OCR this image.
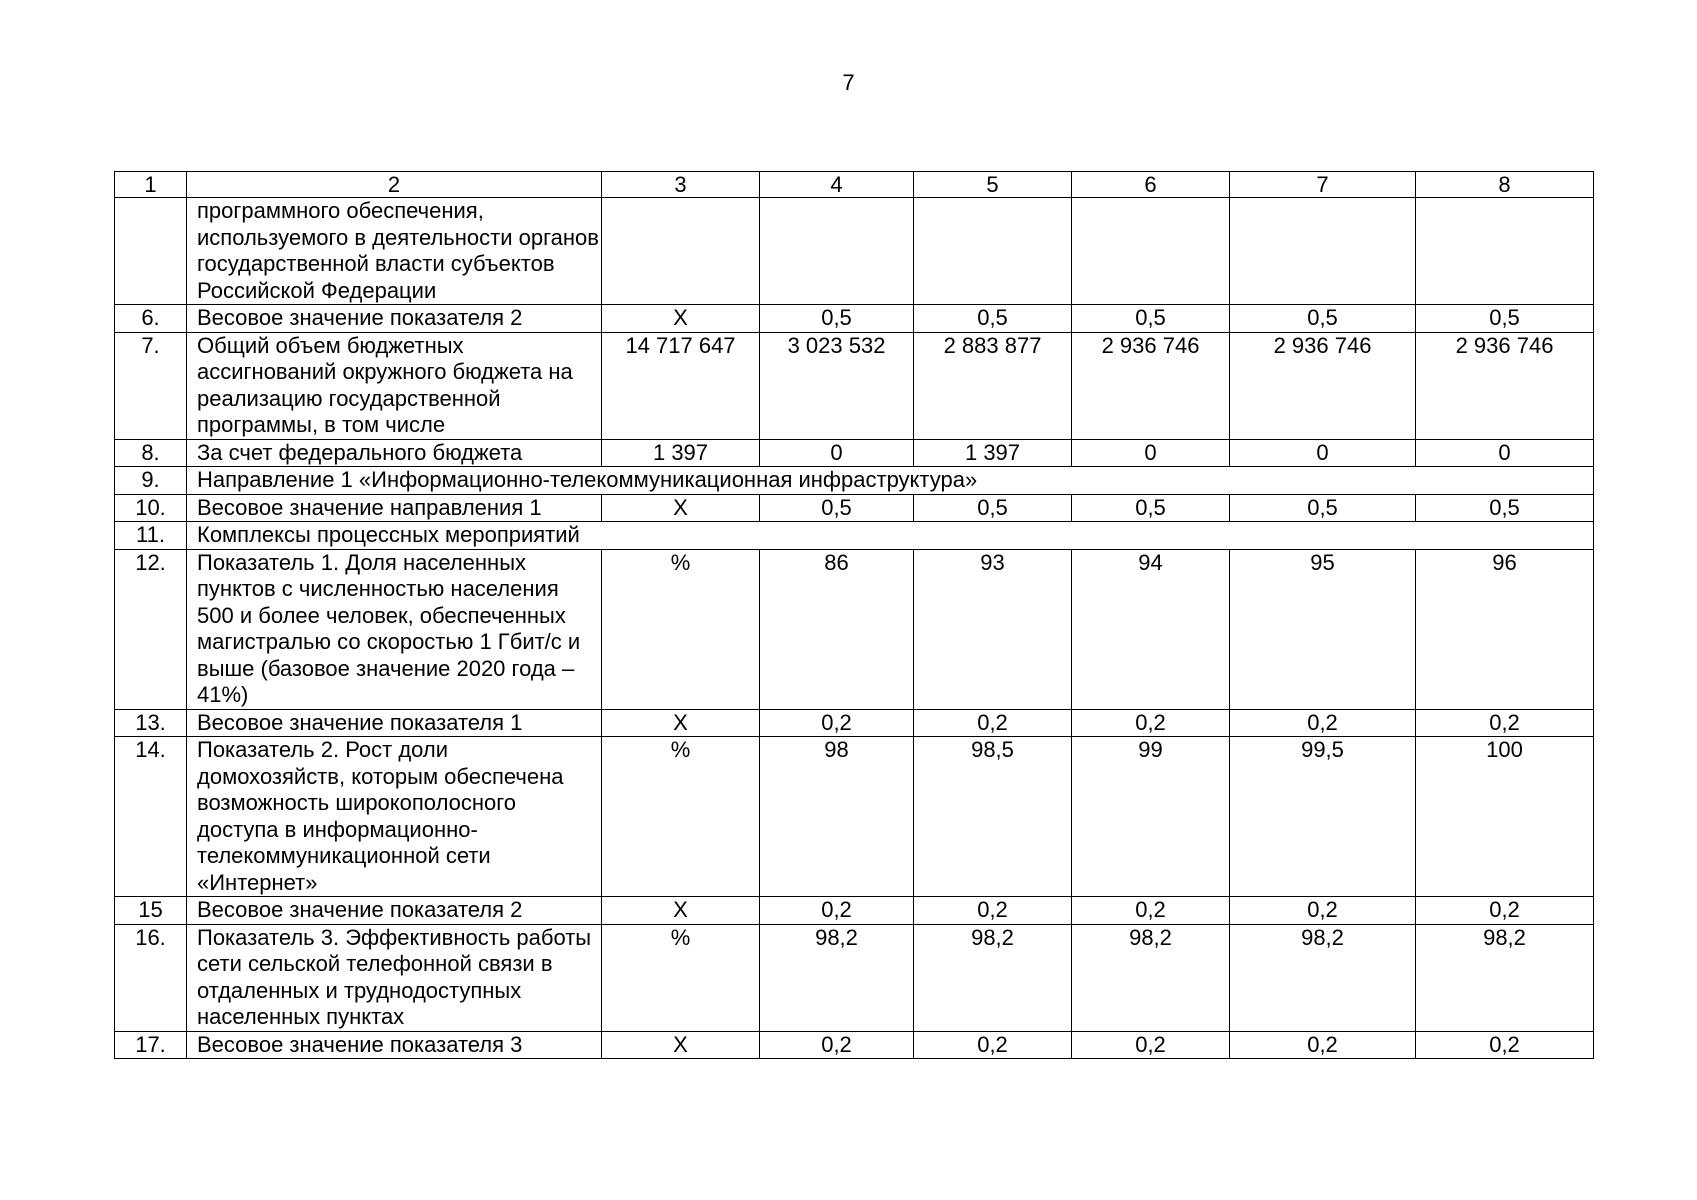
7
1	2	3	4	5	6	7	8
	программного обеспечения, используемого в деятельности органов государственной власти субъектов Российской Федерации						
6.	Весовое значение показателя 2	Х	0,5	0,5	0,5	0,5	0,5
7.	Общий объем бюджетных ассигнований окружного бюджета на реализацию государственной программы, в том числе	14 717 647	3 023 532	2 883 877	2 936 746	2 936 746	2 936 746
8.	За счет федерального бюджета	1 397	0	1 397	0	0	0
9.	Направление 1 «Информационно-телекоммуникационная инфраструктура»						
10.	Весовое значение направления 1	Х	0,5	0,5	0,5	0,5	0,5
11.	Комплексы процессных мероприятий						
12.	Показатель 1. Доля населенных пунктов с численностью населения 500 и более человек, обеспеченных магистралью со скоростью 1 Гбит/с и выше (базовое значение 2020 года – 41%)	%	86	93	94	95	96
13.	Весовое значение показателя 1	Х	0,2	0,2	0,2	0,2	0,2
14.	Показатель 2. Рост доли домохозяйств, которым обеспечена возможность широкополосного доступа в информационно-телекоммуникационной сети «Интернет»	%	98	98,5	99	99,5	100
15	Весовое значение показателя 2	Х	0,2	0,2	0,2	0,2	0,2
16.	Показатель 3. Эффективность работы сети сельской телефонной связи в отдаленных и труднодоступных населенных пунктах	%	98,2	98,2	98,2	98,2	98,2
17.	Весовое значение показателя 3	Х	0,2	0,2	0,2	0,2	0,2
